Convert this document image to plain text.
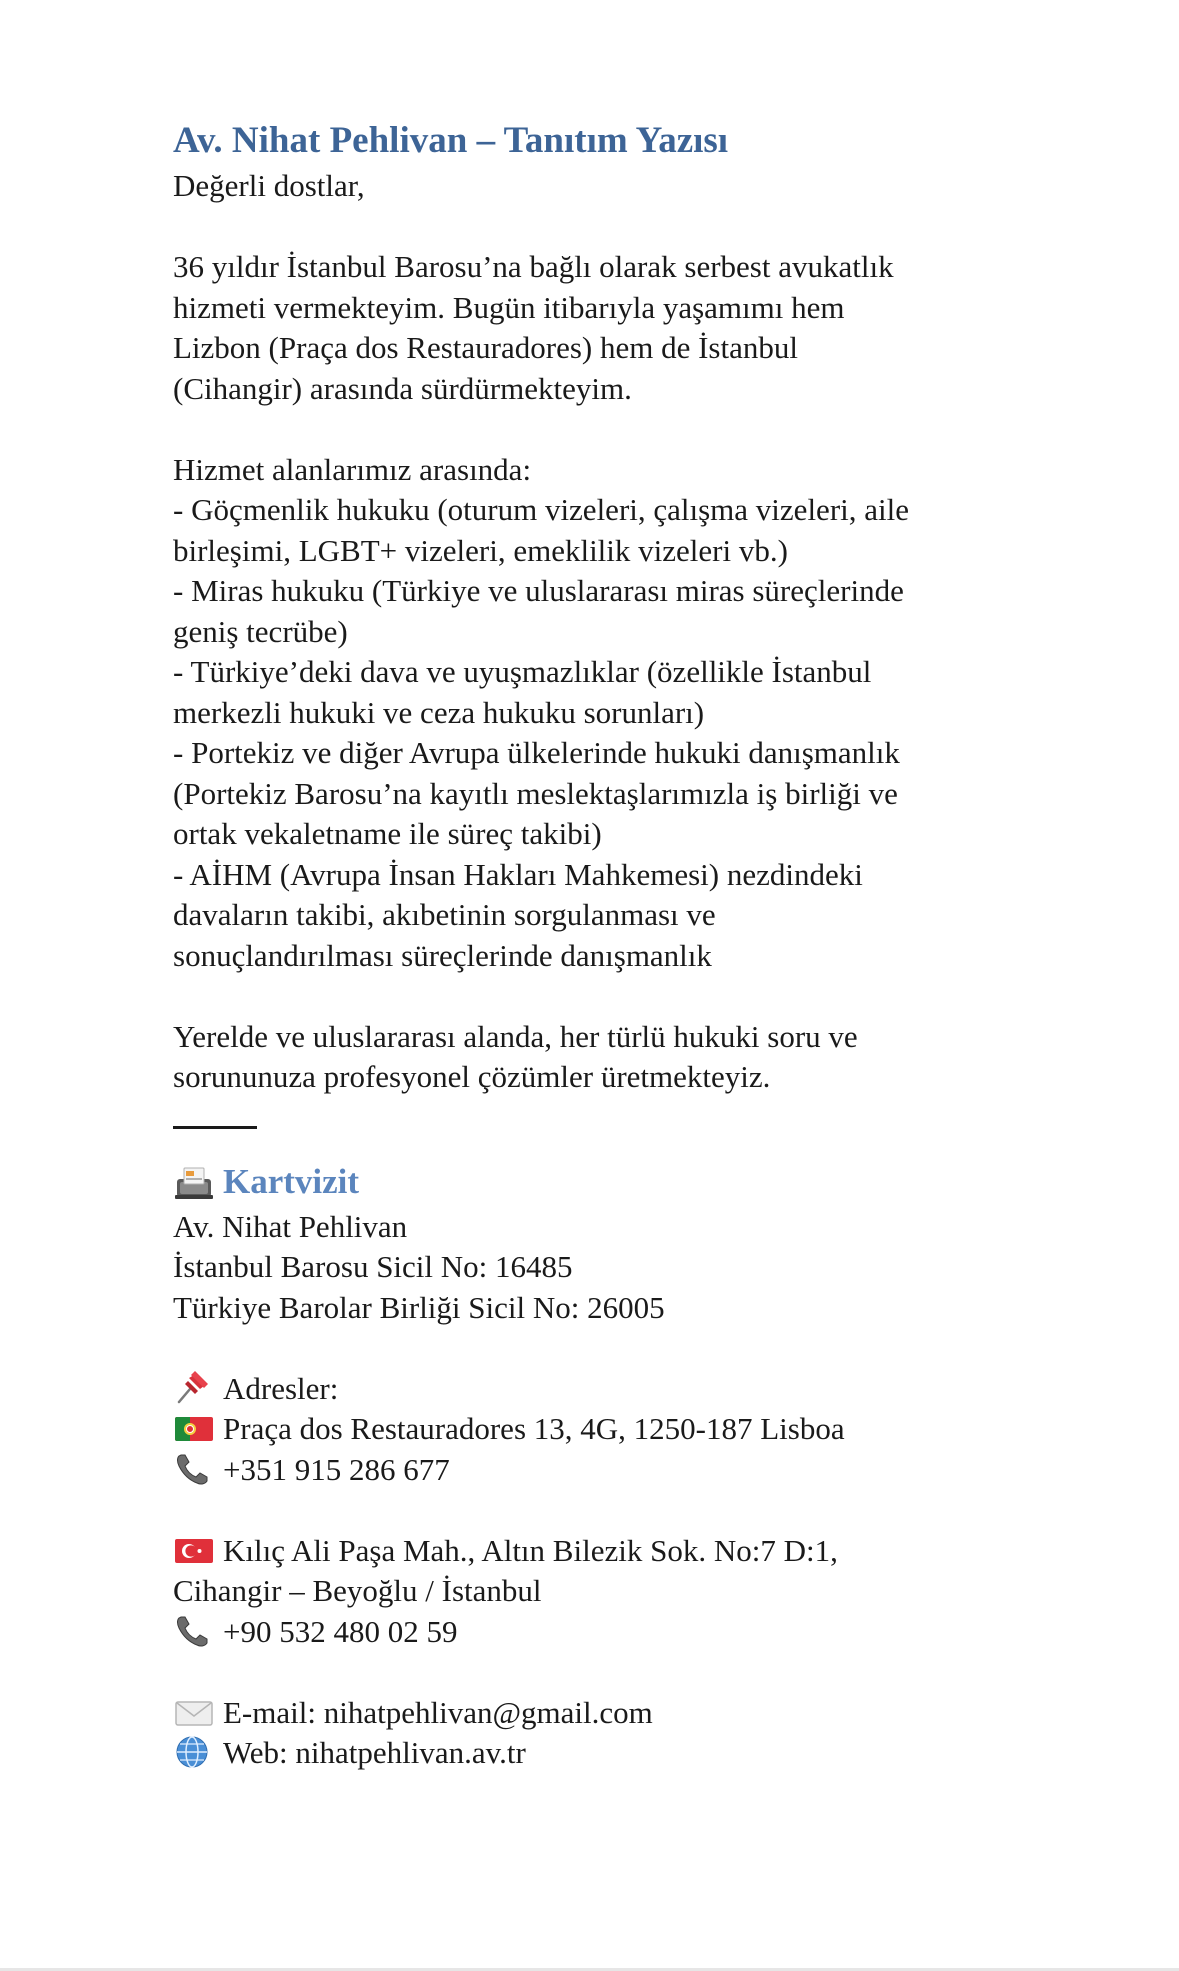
Av. Nihat Pehlivan – Tanıtım Yazısı
Değerli dostlar,
36 yıldır İstanbul Barosu’na bağlı olarak serbest avukatlık
hizmeti vermekteyim. Bugün itibarıyla yaşamımı hem
Lizbon (Praça dos Restauradores) hem de İstanbul
(Cihangir) arasında sürdürmekteyim.
Hizmet alanlarımız arasında:
- Göçmenlik hukuku (oturum vizeleri, çalışma vizeleri, aile
birleşimi, LGBT+ vizeleri, emeklilik vizeleri vb.)
- Miras hukuku (Türkiye ve uluslararası miras süreçlerinde
geniş tecrübe)
- Türkiye’deki dava ve uyuşmazlıklar (özellikle İstanbul
merkezli hukuki ve ceza hukuku sorunları)
- Portekiz ve diğer Avrupa ülkelerinde hukuki danışmanlık
(Portekiz Barosu’na kayıtlı meslektaşlarımızla iş birliği ve
ortak vekaletname ile süreç takibi)
- AİHM (Avrupa İnsan Hakları Mahkemesi) nezdindeki
davaların takibi, akıbetinin sorgulanması ve
sonuçlandırılması süreçlerinde danışmanlık
Yerelde ve uluslararası alanda, her türlü hukuki soru ve
sorununuza profesyonel çözümler üretmekteyiz.
Kartvizit
Av. Nihat Pehlivan
İstanbul Barosu Sicil No: 16485
Türkiye Barolar Birliği Sicil No: 26005
Adresler:
Praça dos Restauradores 13, 4G, 1250-187 Lisboa
+351 915 286 677
Kılıç Ali Paşa Mah., Altın Bilezik Sok. No:7 D:1,
Cihangir – Beyoğlu / İstanbul
+90 532 480 02 59
E-mail: nihatpehlivan@gmail.com
Web: nihatpehlivan.av.tr
